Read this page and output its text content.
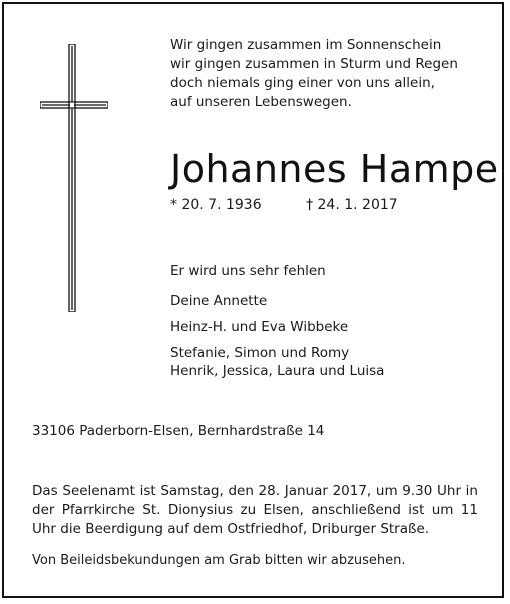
Wir gingen zusammen im Sonnenschein
wir gingen zusammen in Sturm und Regen
doch niemals ging einer von uns allein,
auf unseren Lebenswegen.
Johannes Hampe
* 20. 7. 1936	† 24. 1. 2017
Er wird uns sehr fehlen
Deine Annette
Heinz-H. und Eva Wibbeke
Stefanie, Simon und Romy
Henrik, Jessica, Laura und Luisa
33106 Paderborn-Elsen, Bernhardstraße 14
Das Seelenamt ist Samstag, den 28. Januar 2017, um 9.30 Uhr in der Pfarrkirche St. Dionysius zu Elsen, anschließend ist um 11 Uhr die Beerdigung auf dem Ostfriedhof, Driburger Straße.
Von Beileidsbekundungen am Grab bitten wir abzusehen.
